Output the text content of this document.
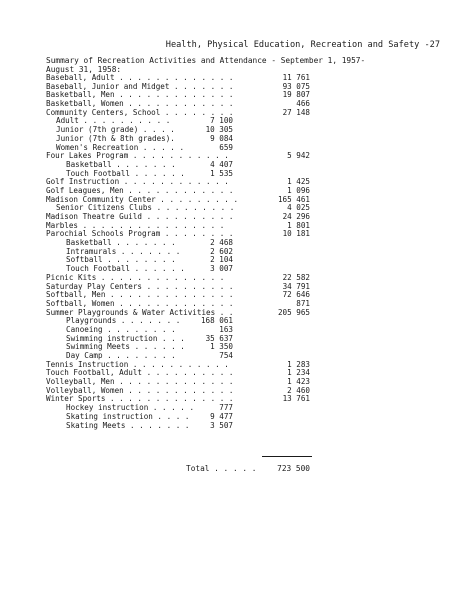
Health, Physical Education, Recreation and Safety -27
Summary of Recreation Activities and Attendance - September 1, 1957-
August 31, 1958:
Baseball, Adult . . . . . . . . . . . . .	11 761
Baseball, Junior and Midget . . . . . . .	93 075
Basketball, Men . . . . . . . . . . . . .	19 807
Basketball, Women . . . . . . . . . . . .	466
Community Centers, School . . . . . . . .	27 148
Adult . . . . . . . . . .	7 100
Junior (7th grade) . . . .	10 305
Junior (7th & 8th grades).	9 084
Women's Recreation . . . . .	659
Four Lakes Program . . . . . . . . . . .	5 942
Basketball . . . . . . .	4 407
Touch Football . . . . . .	1 535
Golf Instruction . . . . . . . . . . . .	1 425
Golf Leagues, Men . . . . . . . . . . . .	1 096
Madison Community Center . . . . . . . . .	165 461
Senior Citizens Clubs . . . . . . . . .	4 025
Madison Theatre Guild . . . . . . . . . .	24 296
Marbles . . . . . . . . . . . . . . . .	1 801
Parochial Schools Program . . . . . . . .	10 181
Basketball . . . . . . .	2 468
Intramurals . . . . . . .	2 602
Softball . . . . . . . .	2 104
Touch Football . . . . . .	3 007
Picnic Kits . . . . . . . . . . . . . .	22 582
Saturday Play Centers . . . . . . . . . .	34 791
Softball, Men . . . . . . . . . . . . . .	72 646
Softball, Women . . . . . . . . . . . . .	871
Summer Playgrounds & Water Activities . .	205 965
Playgrounds . . . . . . .	168 061
Canoeing . . . . . . . .	163
Swimming instruction . . .	35 637
Swimming Meets . . . . . .	1 350
Day Camp . . . . . . . .	754
Tennis Instruction . . . . . . . . . . .	1 283
Touch Football, Adult . . . . . . . . . .	1 234
Volleyball, Men . . . . . . . . . . . . .	1 423
Volleyball, Women . . . . . . . . . . . .	2 460
Winter Sports . . . . . . . . . . . . . .	13 761
Hockey instruction . . . . .	777
Skating instruction . . . .	9 477
Skating Meets . . . . . . .	3 507
Total . . . . .	723 500
